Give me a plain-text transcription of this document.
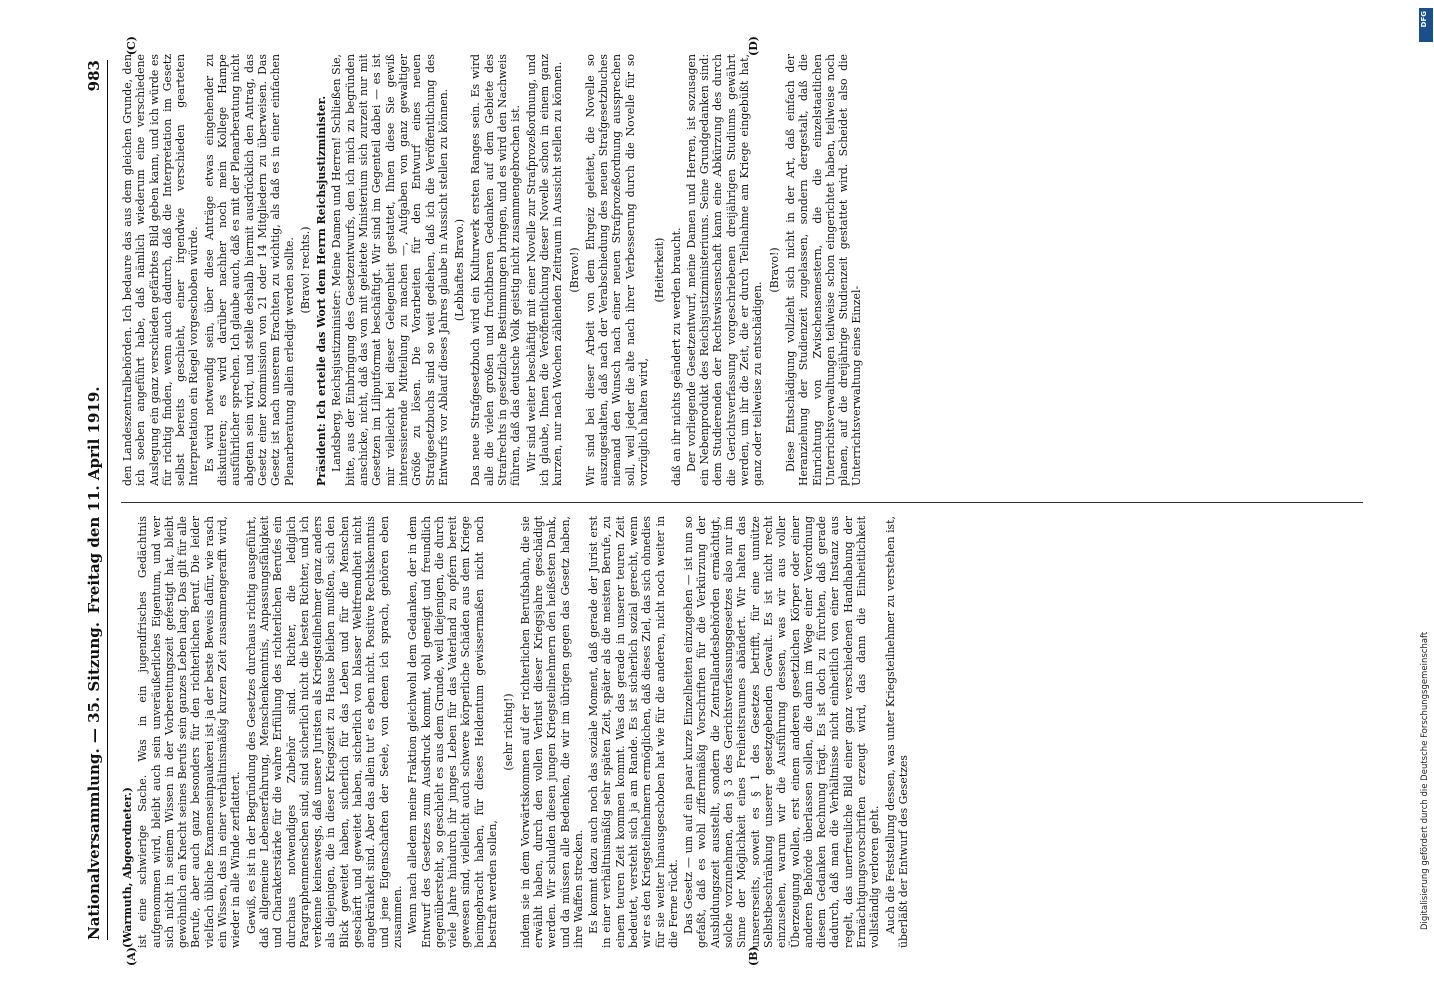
Nationalversammlung. — 35. Sitzung.
Freitag den 11. April 1919.
983
(A)	(B)
(C)	(D)

(Warmuth, Abgeordneter.) ist eine schwierige Sache. Was in ein jugendfrisches Gedächtnis aufgenommen wird, bleibt auch sein unveräußerliches Eigentum, und wer sich nicht in seinem Wissen in der Vorbereitungszeit gefestigt hat, bleibt gewöhnlich ein Knecht seines Berufs sein ganzes Leben lang. Das gilt für alle Berufe, aber auch ganz besonders für den richterlichen Beruf. Die leider vielfach übliche Examenseinpaukerei ist ja der beste Beweis dafür, wie rasch ein Wissen, das in einer verhältnismäßig kurzen Zeit zusammengerafft wird, wieder in alle Winde zerflattert. Gewiß, es ist in der Begründung des Gesetzes durchaus richtig ausgeführt, daß allgemeine Lebenserfahrung, Menschenkenntnis, Anpassungsfähigkeit und Charakterstärke für die wahre Erfüllung des richterlichen Berufes ein durchaus notwendiges Zubehör sind. Richter, die lediglich Paragraphenmenschen sind, sind sicherlich nicht die besten Richter, und ich verkenne keineswegs, daß unsere Juristen als Kriegsteilnehmer ganz anders als diejenigen, die in dieser Kriegszeit zu Hause bleiben mußten, sich den Blick geweitet haben, sicherlich für das Leben und für die Menschen geschärft und geweitet haben, sicherlich von blasser Weltfremdheit nicht angekränkelt sind. Aber das allein tut' es eben nicht. Positive Rechtskenntnis und jene Eigenschaften der Seele, von denen ich sprach, gehören eben zusammen. Wenn nach alledem meine Fraktion gleichwohl dem Gedanken, der in dem Entwurf des Gesetzes zum Ausdruck kommt, wohl geneigt und freundlich gegenübersteht, so geschieht es aus dem Grunde, weil diejenigen, die durch viele Jahre hindurch ihr junges Leben für das Vaterland zu opfern bereit gewesen sind, vielleicht auch schwere körperliche Schäden aus dem Kriege heimgebracht haben, für dieses Heldentum gewissermaßen nicht noch bestraft werden sollen,

(sehr richtig!) indem sie in dem Vorwärtskommen auf der richterlichen Berufsbahn, die sie erwählt haben, durch den vollen Verlust dieser Kriegsjahre geschädigt werden. Wir schulden diesen jungen Kriegsteilnehmern den heißesten Dank, und da müssen alle Bedenken, die wir im übrigen gegen das Gesetz haben, ihre Waffen strecken. Es kommt dazu auch noch das soziale Moment, daß gerade der Jurist erst in einer verhältnismäßig sehr späten Zeit, später als die meisten Berufe, zu einem teuren Zeit kommen kommt. Was das gerade in unserer teuren Zeit bedeutet, versteht sich ja am Rande. Es ist sicherlich sozial gerecht, wenn wir es den Kriegsteilnehmern ermöglichen, daß dieses Ziel, das sich ohnedies für sie weiter hinausgeschoben hat wie für die anderen, nicht noch weiter in die Ferne rückt. Das Gesetz — um auf ein paar kurze Einzelheiten einzugehen — ist nun so gefaßt, daß es wohl ziffernmäßig Vorschriften für die Verkürzung der Ausbildungszeit ausstellt, sondern die Zentrallandesbehörden ermächtigt, solche vorzunehmen, den § 3 des Gerichtsverfassungsgesetzes also nur im Sinne der Möglichkeit eines Freiheitsraumes abändert. Wir halten das unsererseits, soweit es § 1 des Gesetzes betrifft, für eine unnütze Selbstbeschränkung unserer gesetzgebenden Gewalt. Es ist nicht recht einzusehen, warum wir die Ausführung dessen, was wir aus voller Überzeugung wollen, erst einem anderen gesetzlichen Körper oder einer anderen Behörde überlassen sollen, die dann im Wege einer Verordnung diesem Gedanken Rechnung trägt. Es ist doch zu fürchten, daß gerade dadurch, daß man die Verhältnisse nicht einheitlich von einer Instanz aus regelt, das unerfreuliche Bild einer ganz verschiedenen Handhabung der Ermächtigungsvorschriften erzeugt wird, das dann die Einheitlichkeit vollständig verloren geht. Auch die Feststellung dessen, was unter Kriegsteilnehmer zu verstehen ist, überläßt der Entwurf des Gesetzes

den Landeszentralbehörden. Ich bedaure das aus dem gleichen Grunde, den ich soeben angeführt habe, daß nämlich wiederum eine verschiedene Auslegung ein ganz verschieden gefärbtes Bild geben kann, und ich würde es für richtig finden, wenn auch dadurch, daß die Interpretation im Gesetz selbst bereits geschieht, einer irgendwie verschieden gearteten Interpretation ein Riegel vorgeschoben würde. Es wird notwendig sein, über diese Anträge etwas eingehender zu diskutieren; es wird darüber nachher noch mein Kollege Hampe ausführlicher sprechen. Ich glaube auch, daß es mit der Plenarberatung nicht abgetan sein wird, und stelle deshalb hiermit ausdrücklich den Antrag, das Gesetz einer Kommission von 21 oder 14 Mitgliedern zu überweisen. Das Gesetz ist nach unserem Erachten zu wichtig, als daß es in einer einfachen Plenarberatung allein erledigt werden sollte. (Bravo! rechts.) Präsident: Ich erteile das Wort dem Herrn Reichsjustizminister. Landsberg, Reichsjustizminister: Meine Damen und Herren! Schließen Sie, bitte, aus der Einbringung des Gesetzentwurfs, den ich mich zu begründen anschicke, nicht, daß das von mit geleitete Ministerium sich zurzeit nur mit Gesetzen im Liliputformat beschäftigt. Wir sind im Gegenteil dabei — es ist mir vielleicht bei dieser Gelegenheit gestattet, Ihnen diese Sie gewiß interessierende Mitteilung zu machen —, Aufgaben von ganz gewaltiger Größe zu lösen. Die Vorarbeiten für den Entwurf eines neuen Strafgesetzbuchs sind so weit gediehen, daß ich die Veröffentlichung des Entwurfs vor Ablauf dieses Jahres glaube in Aussicht stellen zu können. (Lebhaftes Bravo.) Das neue Strafgesetzbuch wird ein Kulturwerk ersten Ranges sein. Es wird alle die vielen großen und fruchtbaren Gedanken auf dem Gebiete des Strafrechts in gesetzliche Bestimmungen bringen, und es wird den Nachweis führen, daß das deutsche Volk geistig nicht zusammengebrochen ist. Wir sind weiter beschäftigt mit einer Novelle zur Strafprozeßordnung, und ich glaube, Ihnen die Veröffentlichung dieser Novelle schon in einem ganz kurzen, nur nach Wochen zählenden Zeitraum in Aussicht stellen zu können. (Bravo!) Wir sind bei dieser Arbeit von dem Ehrgeiz geleitet, die Novelle so auszugestalten, daß nach der Verabschiedung des neuen Strafgesetzbuches niemand den Wunsch nach einer neuen Strafprozeßordnung aussprechen soll, weil jeder die alte nach ihrer Verbesserung durch die Novelle für so vorzüglich halten wird,

(Heiterkeit) daß an ihr nichts geändert zu werden braucht. Der vorliegende Gesetzentwurf, meine Damen und Herren, ist sozusagen ein Nebenprodukt des Reichsjustizministeriums. Seine Grundgedanken sind: dem Studierenden der Rechtswissenschaft kann eine Abkürzung des durch die Gerichtsverfassung vorgeschriebenen dreijährigen Studiums gewährt werden, um ihr die Zeit, die er durch Teilnahme am Kriege eingebüßt hat, ganz oder teilweise zu entschädigen.

(Bravo!) Diese Entschädigung vollzieht sich nicht in der Art, daß einfach der Heranziehung der Studienzeit zugelassen, sondern dergestalt, daß die Einrichtung von Zwischensemestern, die die einzelstaatlichen Unterrichtsverwaltungen teilweise schon eingerichtet haben, teilweise noch planen, auf die dreijährige Studienzeit gestattet wird. Scheidet also die Unterrichtsverwaltung eines Einzel-

DFG
Digitalisierung gefördert durch die Deutsche Forschungsgemeinschaft
